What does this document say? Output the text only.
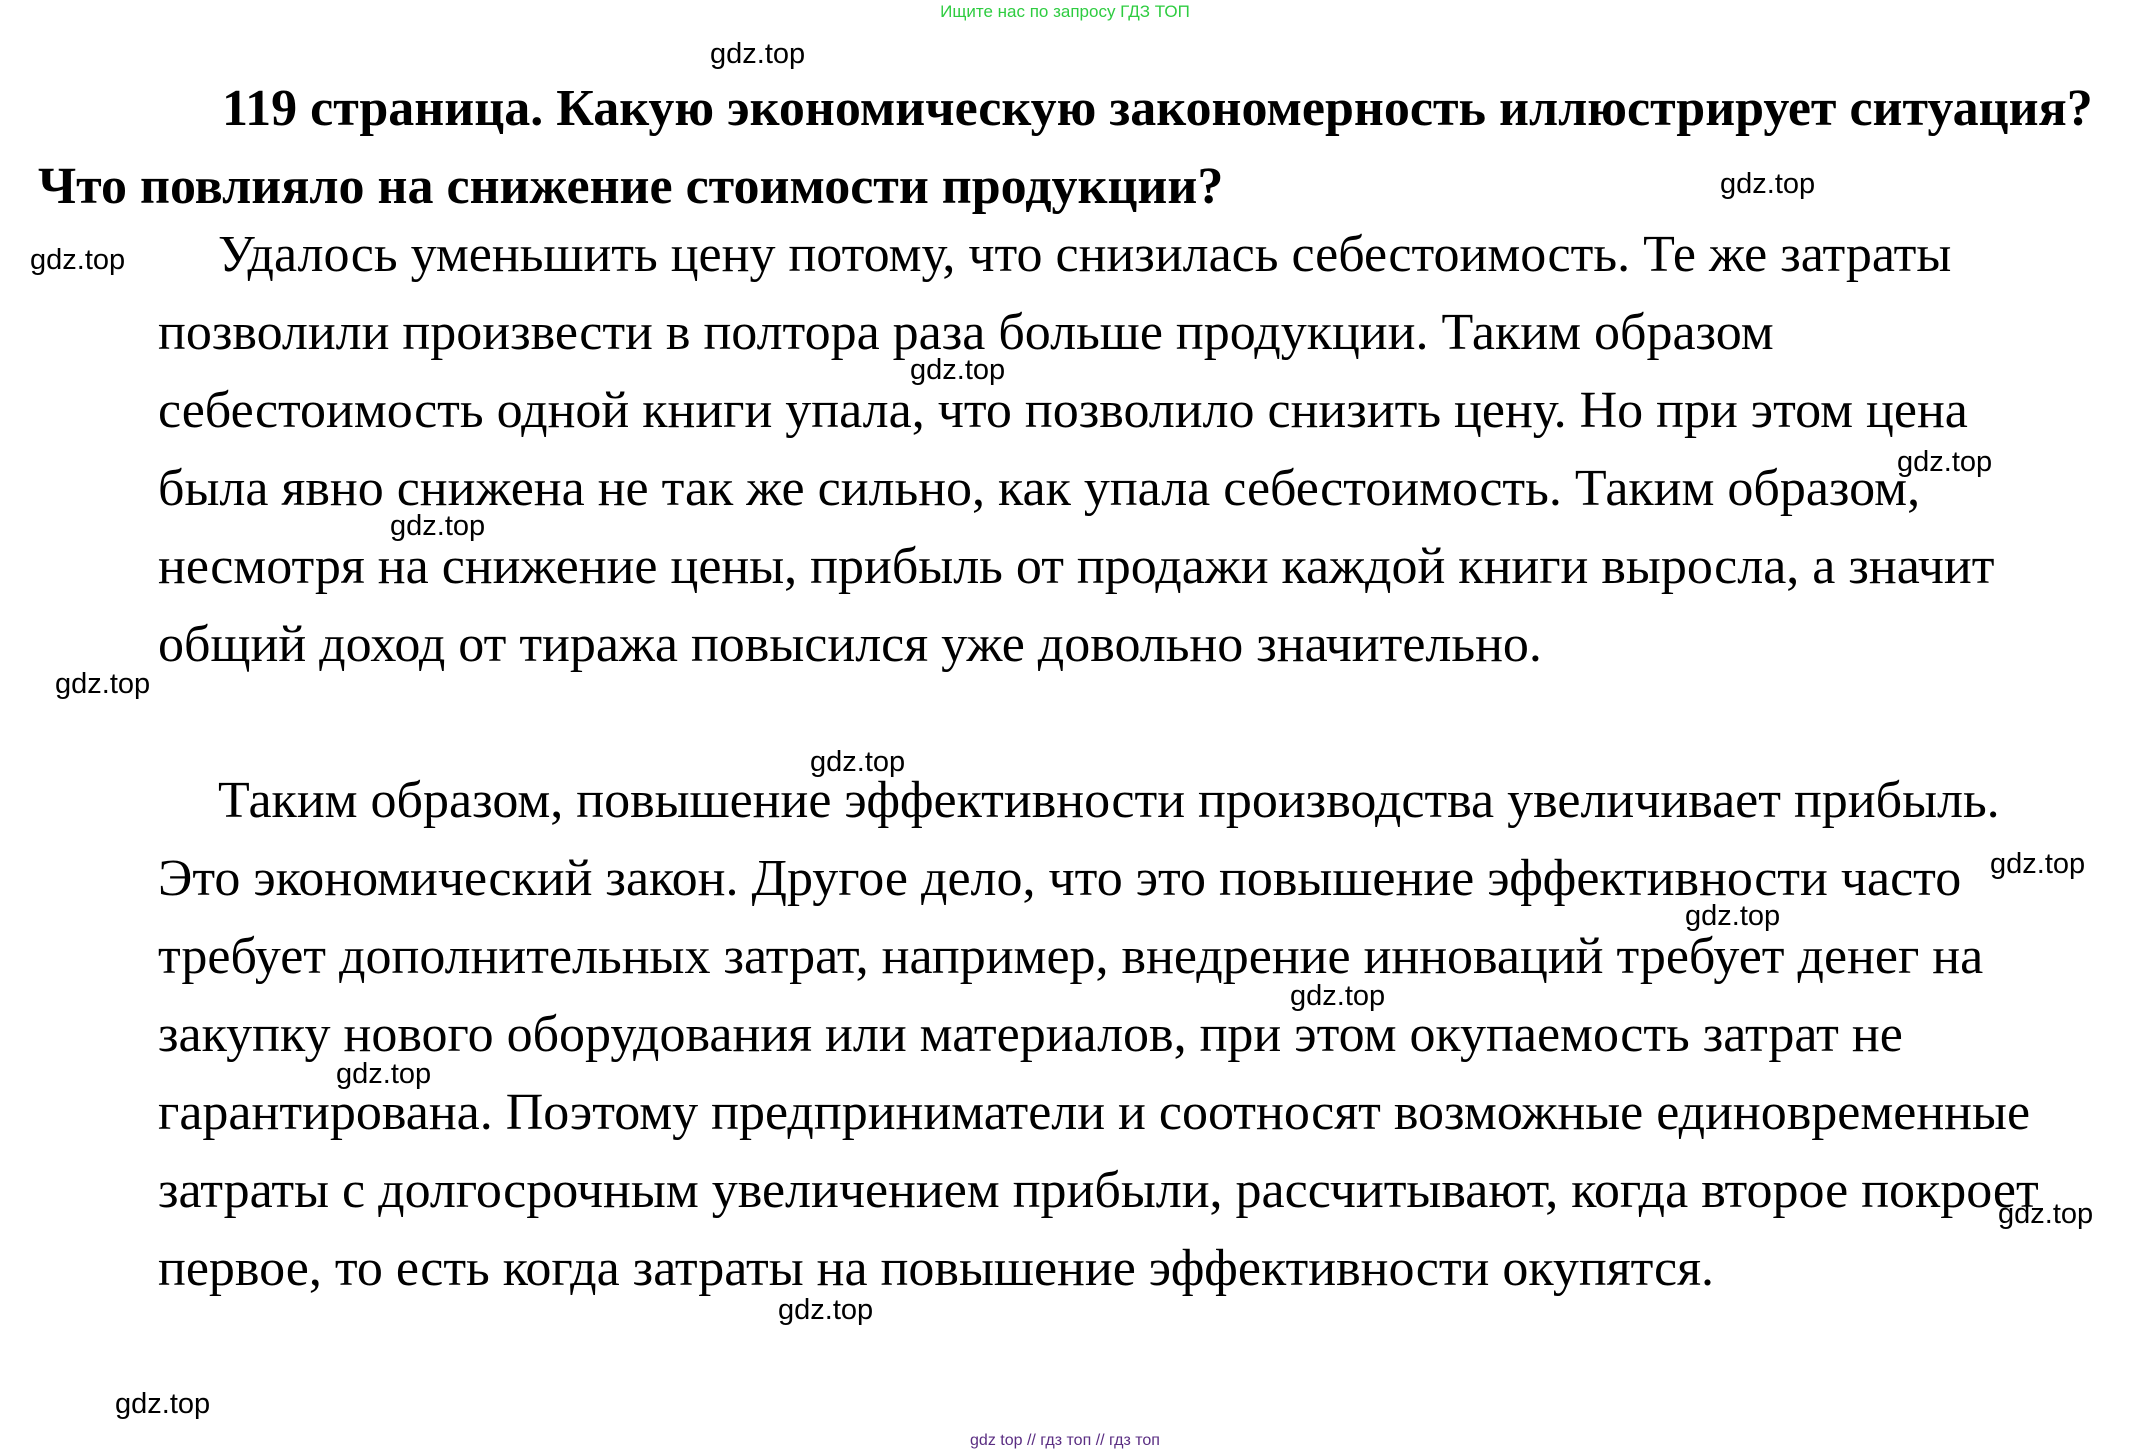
Ищите нас по запросу ГДЗ ТОП
119 страница. Какую экономическую закономерность иллюстрирует ситуация? Что повлияло на снижение стоимости продукции?

Удалось уменьшить цену потому, что снизилась себестоимость. Те же затраты позволили произвести в полтора раза больше продукции. Таким образом себестоимость одной книги упала, что позволило снизить цену. Но при этом цена была явно снижена не так же сильно, как упала себестоимость. Таким образом, несмотря на снижение цены, прибыль от продажи каждой книги выросла, а значит общий доход от тиража повысился уже довольно значительно.

Таким образом, повышение эффективности производства увеличивает прибыль. Это экономический закон. Другое дело, что это повышение эффективности часто требует дополнительных затрат, например, внедрение инноваций требует денег на закупку нового оборудования или материалов, при этом окупаемость затрат не гарантирована. Поэтому предприниматели и соотносят возможные единовременные затраты с долгосрочным увеличением прибыли, рассчитывают, когда второе покроет первое, то есть когда затраты на повышение эффективности окупятся.

gdz.top
gdz.top
gdz.top
gdz.top
gdz.top
gdz.top
gdz.top
gdz.top
gdz.top
gdz.top
gdz.top
gdz.top
gdz.top
gdz.top
gdz.top
gdz top // гдз топ // гдз топ
